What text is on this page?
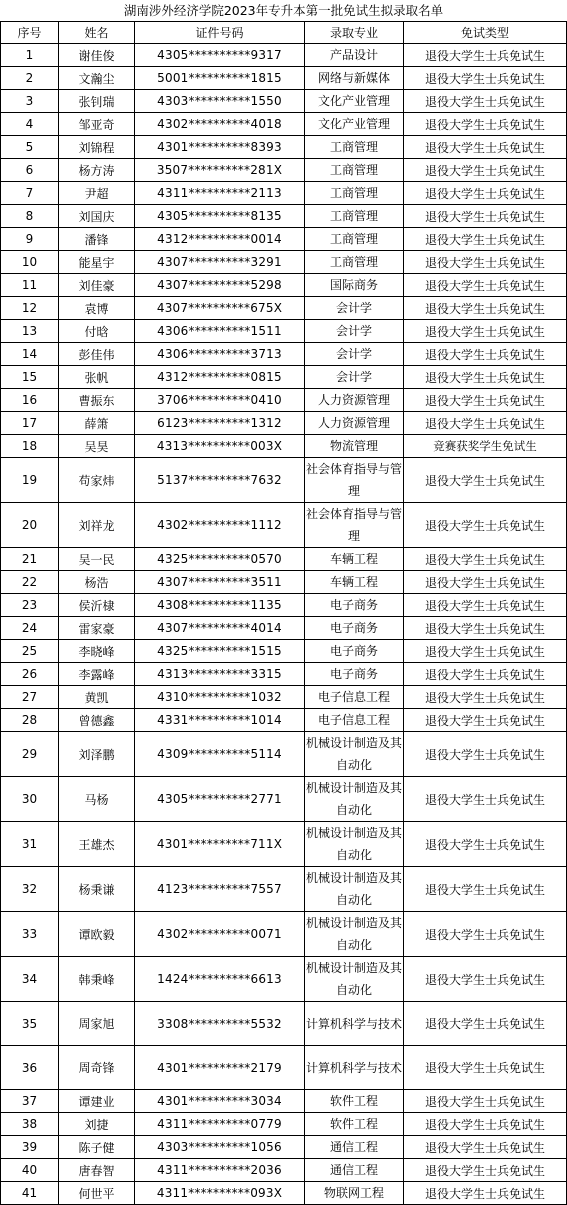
湖南涉外经济学院2023年专升本第一批免试生拟录取名单
序号	姓名	证件号码	录取专业	免试类型
1	谢佳俊	4305**********9317	产品设计	退役大学生士兵免试生
2	文瀚尘	5001**********1815	网络与新媒体	退役大学生士兵免试生
3	张钊瑞	4303**********1550	文化产业管理	退役大学生士兵免试生
4	邹亚奇	4302**********4018	文化产业管理	退役大学生士兵免试生
5	刘锦程	4301**********8393	工商管理	退役大学生士兵免试生
6	杨方涛	3507**********281X	工商管理	退役大学生士兵免试生
7	尹超	4311**********2113	工商管理	退役大学生士兵免试生
8	刘国庆	4305**********8135	工商管理	退役大学生士兵免试生
9	潘锋	4312**********0014	工商管理	退役大学生士兵免试生
10	能星宇	4307**********3291	工商管理	退役大学生士兵免试生
11	刘佳豪	4307**********5298	国际商务	退役大学生士兵免试生
12	袁博	4307**********675X	会计学	退役大学生士兵免试生
13	付晗	4306**********1511	会计学	退役大学生士兵免试生
14	彭佳伟	4306**********3713	会计学	退役大学生士兵免试生
15	张帆	4312**********0815	会计学	退役大学生士兵免试生
16	曹振东	3706**********0410	人力资源管理	退役大学生士兵免试生
17	薛箫	6123**********1312	人力资源管理	退役大学生士兵免试生
18	吴昊	4313**********003X	物流管理	竞赛获奖学生免试生
19	苟家炜	5137**********7632	社会体育指导与管理	退役大学生士兵免试生
20	刘祥龙	4302**********1112	社会体育指导与管理	退役大学生士兵免试生
21	吴一民	4325**********0570	车辆工程	退役大学生士兵免试生
22	杨浩	4307**********3511	车辆工程	退役大学生士兵免试生
23	侯沂棣	4308**********1135	电子商务	退役大学生士兵免试生
24	雷家豪	4307**********4014	电子商务	退役大学生士兵免试生
25	李晓峰	4325**********1515	电子商务	退役大学生士兵免试生
26	李露峰	4313**********3315	电子商务	退役大学生士兵免试生
27	黄凯	4310**********1032	电子信息工程	退役大学生士兵免试生
28	曾德鑫	4331**********1014	电子信息工程	退役大学生士兵免试生
29	刘泽鹏	4309**********5114	机械设计制造及其自动化	退役大学生士兵免试生
30	马杨	4305**********2771	机械设计制造及其自动化	退役大学生士兵免试生
31	王雄杰	4301**********711X	机械设计制造及其自动化	退役大学生士兵免试生
32	杨秉谦	4123**********7557	机械设计制造及其自动化	退役大学生士兵免试生
33	谭欧毅	4302**********0071	机械设计制造及其自动化	退役大学生士兵免试生
34	韩秉峰	1424**********6613	机械设计制造及其自动化	退役大学生士兵免试生
35	周家旭	3308**********5532	计算机科学与技术	退役大学生士兵免试生
36	周奇锋	4301**********2179	计算机科学与技术	退役大学生士兵免试生
37	谭建业	4301**********3034	软件工程	退役大学生士兵免试生
38	刘捷	4311**********0779	软件工程	退役大学生士兵免试生
39	陈子健	4303**********1056	通信工程	退役大学生士兵免试生
40	唐春智	4311**********2036	通信工程	退役大学生士兵免试生
41	何世平	4311**********093X	物联网工程	退役大学生士兵免试生
